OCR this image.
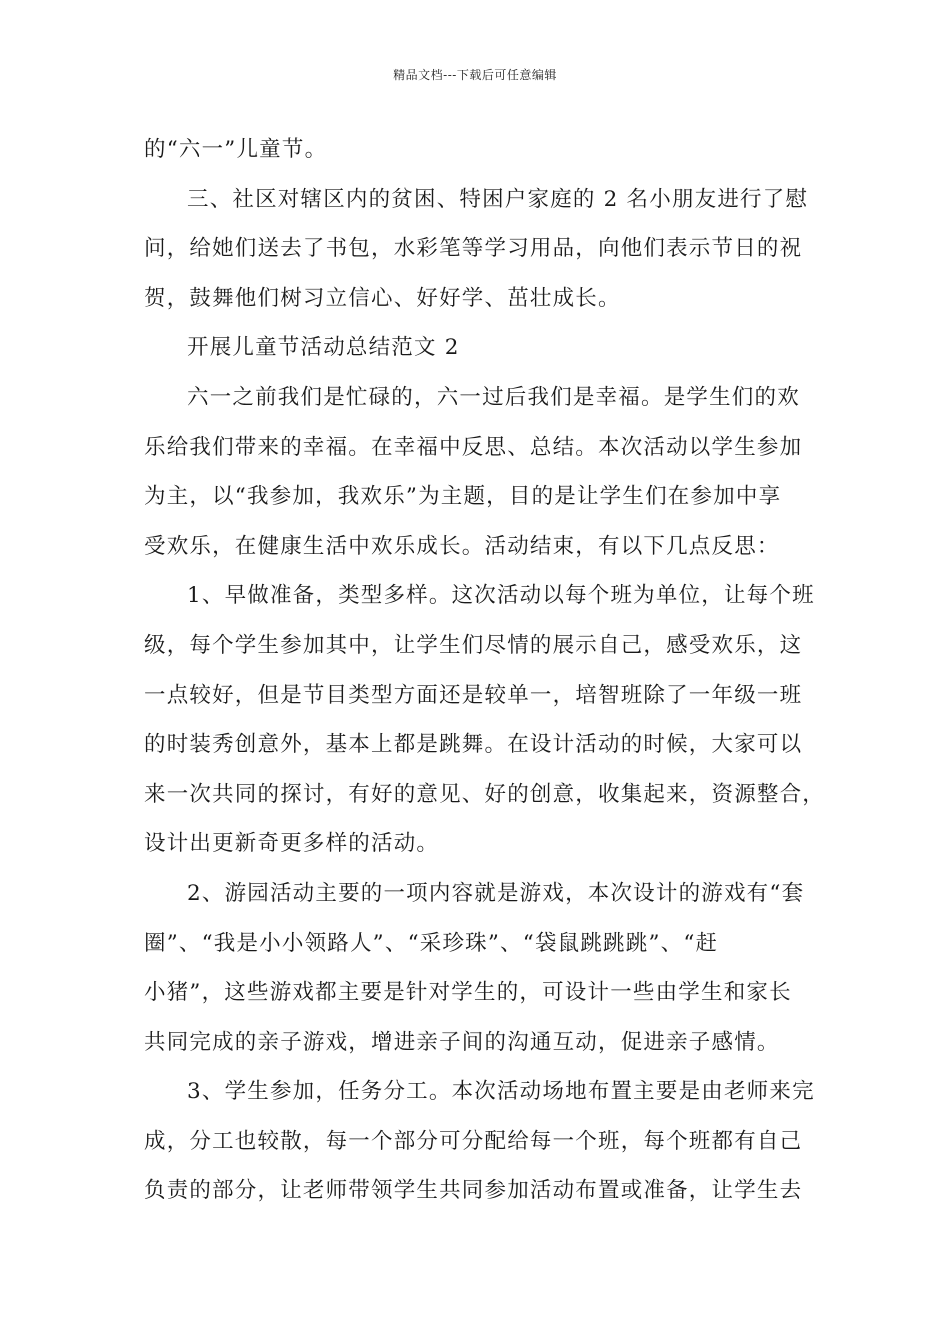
精品文档---下载后可任意编辑
的“六一”儿童节。
三、社区对辖区内的贫困、特困户家庭的 2 名小朋友进行了慰
问，给她们送去了书包，水彩笔等学习用品，向他们表示节日的祝
贺，鼓舞他们树习立信心、好好学、茁壮成长。
开展儿童节活动总结范文 2
六一之前我们是忙碌的，六一过后我们是幸福。是学生们的欢
乐给我们带来的幸福。在幸福中反思、总结。本次活动以学生参加
为主，以“我参加，我欢乐”为主题，目的是让学生们在参加中享
受欢乐，在健康生活中欢乐成长。活动结束，有以下几点反思：
1、早做准备，类型多样。这次活动以每个班为单位，让每个班
级，每个学生参加其中，让学生们尽情的展示自己，感受欢乐，这
一点较好，但是节目类型方面还是较单一，培智班除了一年级一班
的时装秀创意外，基本上都是跳舞。在设计活动的时候，大家可以
来一次共同的探讨，有好的意见、好的创意，收集起来，资源整合，
设计出更新奇更多样的活动。
2、游园活动主要的一项内容就是游戏，本次设计的游戏有“套
圈”、“我是小小领路人”、“采珍珠”、“袋鼠跳跳跳”、“赶
小猪”，这些游戏都主要是针对学生的，可设计一些由学生和家长
共同完成的亲子游戏，增进亲子间的沟通互动，促进亲子感情。
3、学生参加，任务分工。本次活动场地布置主要是由老师来完
成，分工也较散，每一个部分可分配给每一个班，每个班都有自己
负责的部分，让老师带领学生共同参加活动布置或准备，让学生去
